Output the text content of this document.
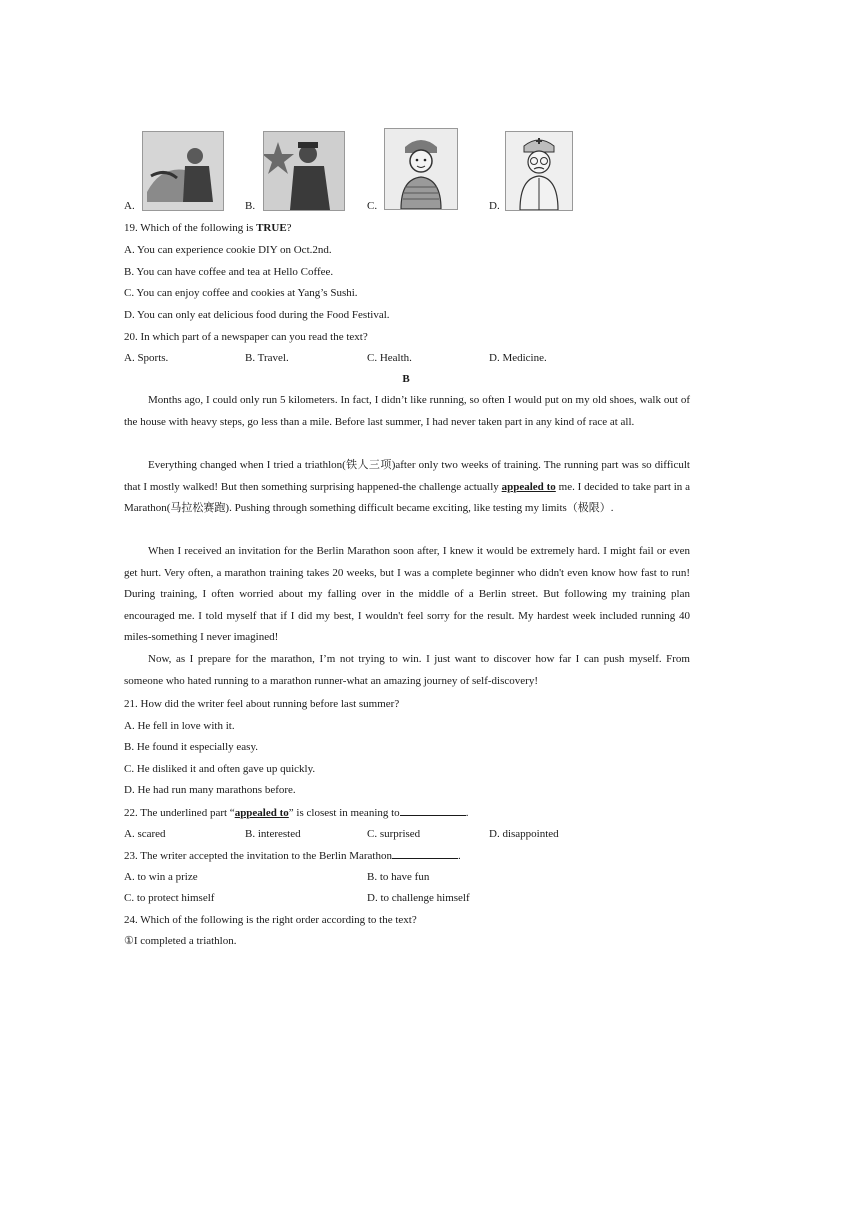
A.	B.	C.	D.
19. Which of the following is TRUE?
A. You can experience cookie DIY on Oct.2nd.
B. You can have coffee and tea at Hello Coffee.
C. You can enjoy coffee and cookies at Yang’s Sushi.
D. You can only eat delicious food during the Food Festival.
20. In which part of a newspaper can you read the text?
A. Sports.	B. Travel.	C. Health.	D. Medicine.
B
Months ago, I could only run 5 kilometers. In fact, I didn’t like running, so often I would put on my old shoes, walk out of the house with heavy steps, go less than a mile. Before last summer, I had never taken part in any kind of race at all.
Everything changed when I tried a triathlon(铁人三项)after only two weeks of training. The running part was so difficult that I mostly walked! But then something surprising happened-the challenge actually appealed to me. I decided to take part in a Marathon(马拉松赛跑). Pushing through something difficult became exciting, like testing my limits（极限）.
When I received an invitation for the Berlin Marathon soon after, I knew it would be extremely hard. I might fail or even get hurt. Very often, a marathon training takes 20 weeks, but I was a complete beginner who didn't even know how fast to run! During training, I often worried about my falling over in the middle of a Berlin street. But following my training plan encouraged me. I told myself that if I did my best, I wouldn't feel sorry for the result. My hardest week included running 40 miles-something I never imagined!
Now, as I prepare for the marathon, I’m not trying to win. I just want to discover how far I can push myself. From someone who hated running to a marathon runner-what an amazing journey of self-discovery!
21. How did the writer feel about running before last summer?
A. He fell in love with it.
B. He found it especially easy.
C. He disliked it and often gave up quickly.
D. He had run many marathons before.
22. The underlined part “appealed to” is closest in meaning to	.
A. scared	B. interested	C. surprised	D. disappointed
23. The writer accepted the invitation to the Berlin Marathon	.
A. to win a prize	B. to have fun
C. to protect himself	D. to challenge himself
24. Which of the following is the right order according to the text?
①I completed a triathlon.
